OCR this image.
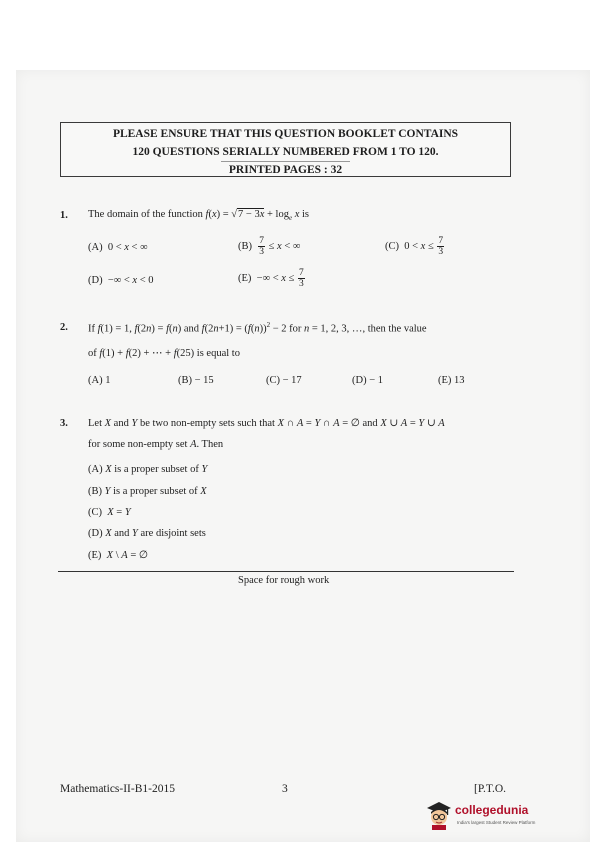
PLEASE ENSURE THAT THIS QUESTION BOOKLET CONTAINS
120 QUESTIONS SERIALLY NUMBERED FROM 1 TO 120.
PRINTED PAGES : 32
1. The domain of the function $f(x) = √7 - 3x + \log_e x$ is
(A)  0 < x < ∞	$(B) \frac{7}{3} \le x$ < ∞	(C)  $0 < x \le \frac{7}{3}$
(D)  −∞ < x < 0	(E)  −∞ < $x \le \frac{7}{3}$
2. If f(1) = 1, f(2n) = f(n) and $f(2n+1) = (f(n))^2 - 2$ for n = 1, 2, 3, …, then the value
of f(1) + f(2) + ⋯ + f(25) is equal to
(A) 1	(B) − 15	(C) − 17	(D) − 1	(E) 13
3. Let X and Y be two non-empty sets such that X ∩ A = Y ∩ A = ∅ and X ∪ A = Y ∪ A
for some non-empty set A. Then
(A) X is a proper subset of Y
(B) Y is a proper subset of X
(C)  X = Y
(D) X and Y are disjoint sets
(E)  X \ A = ∅
Space for rough work
Mathematics-II-B1-2015	3	[P.T.O.
collegedunia
India's largest Student Review Platform
